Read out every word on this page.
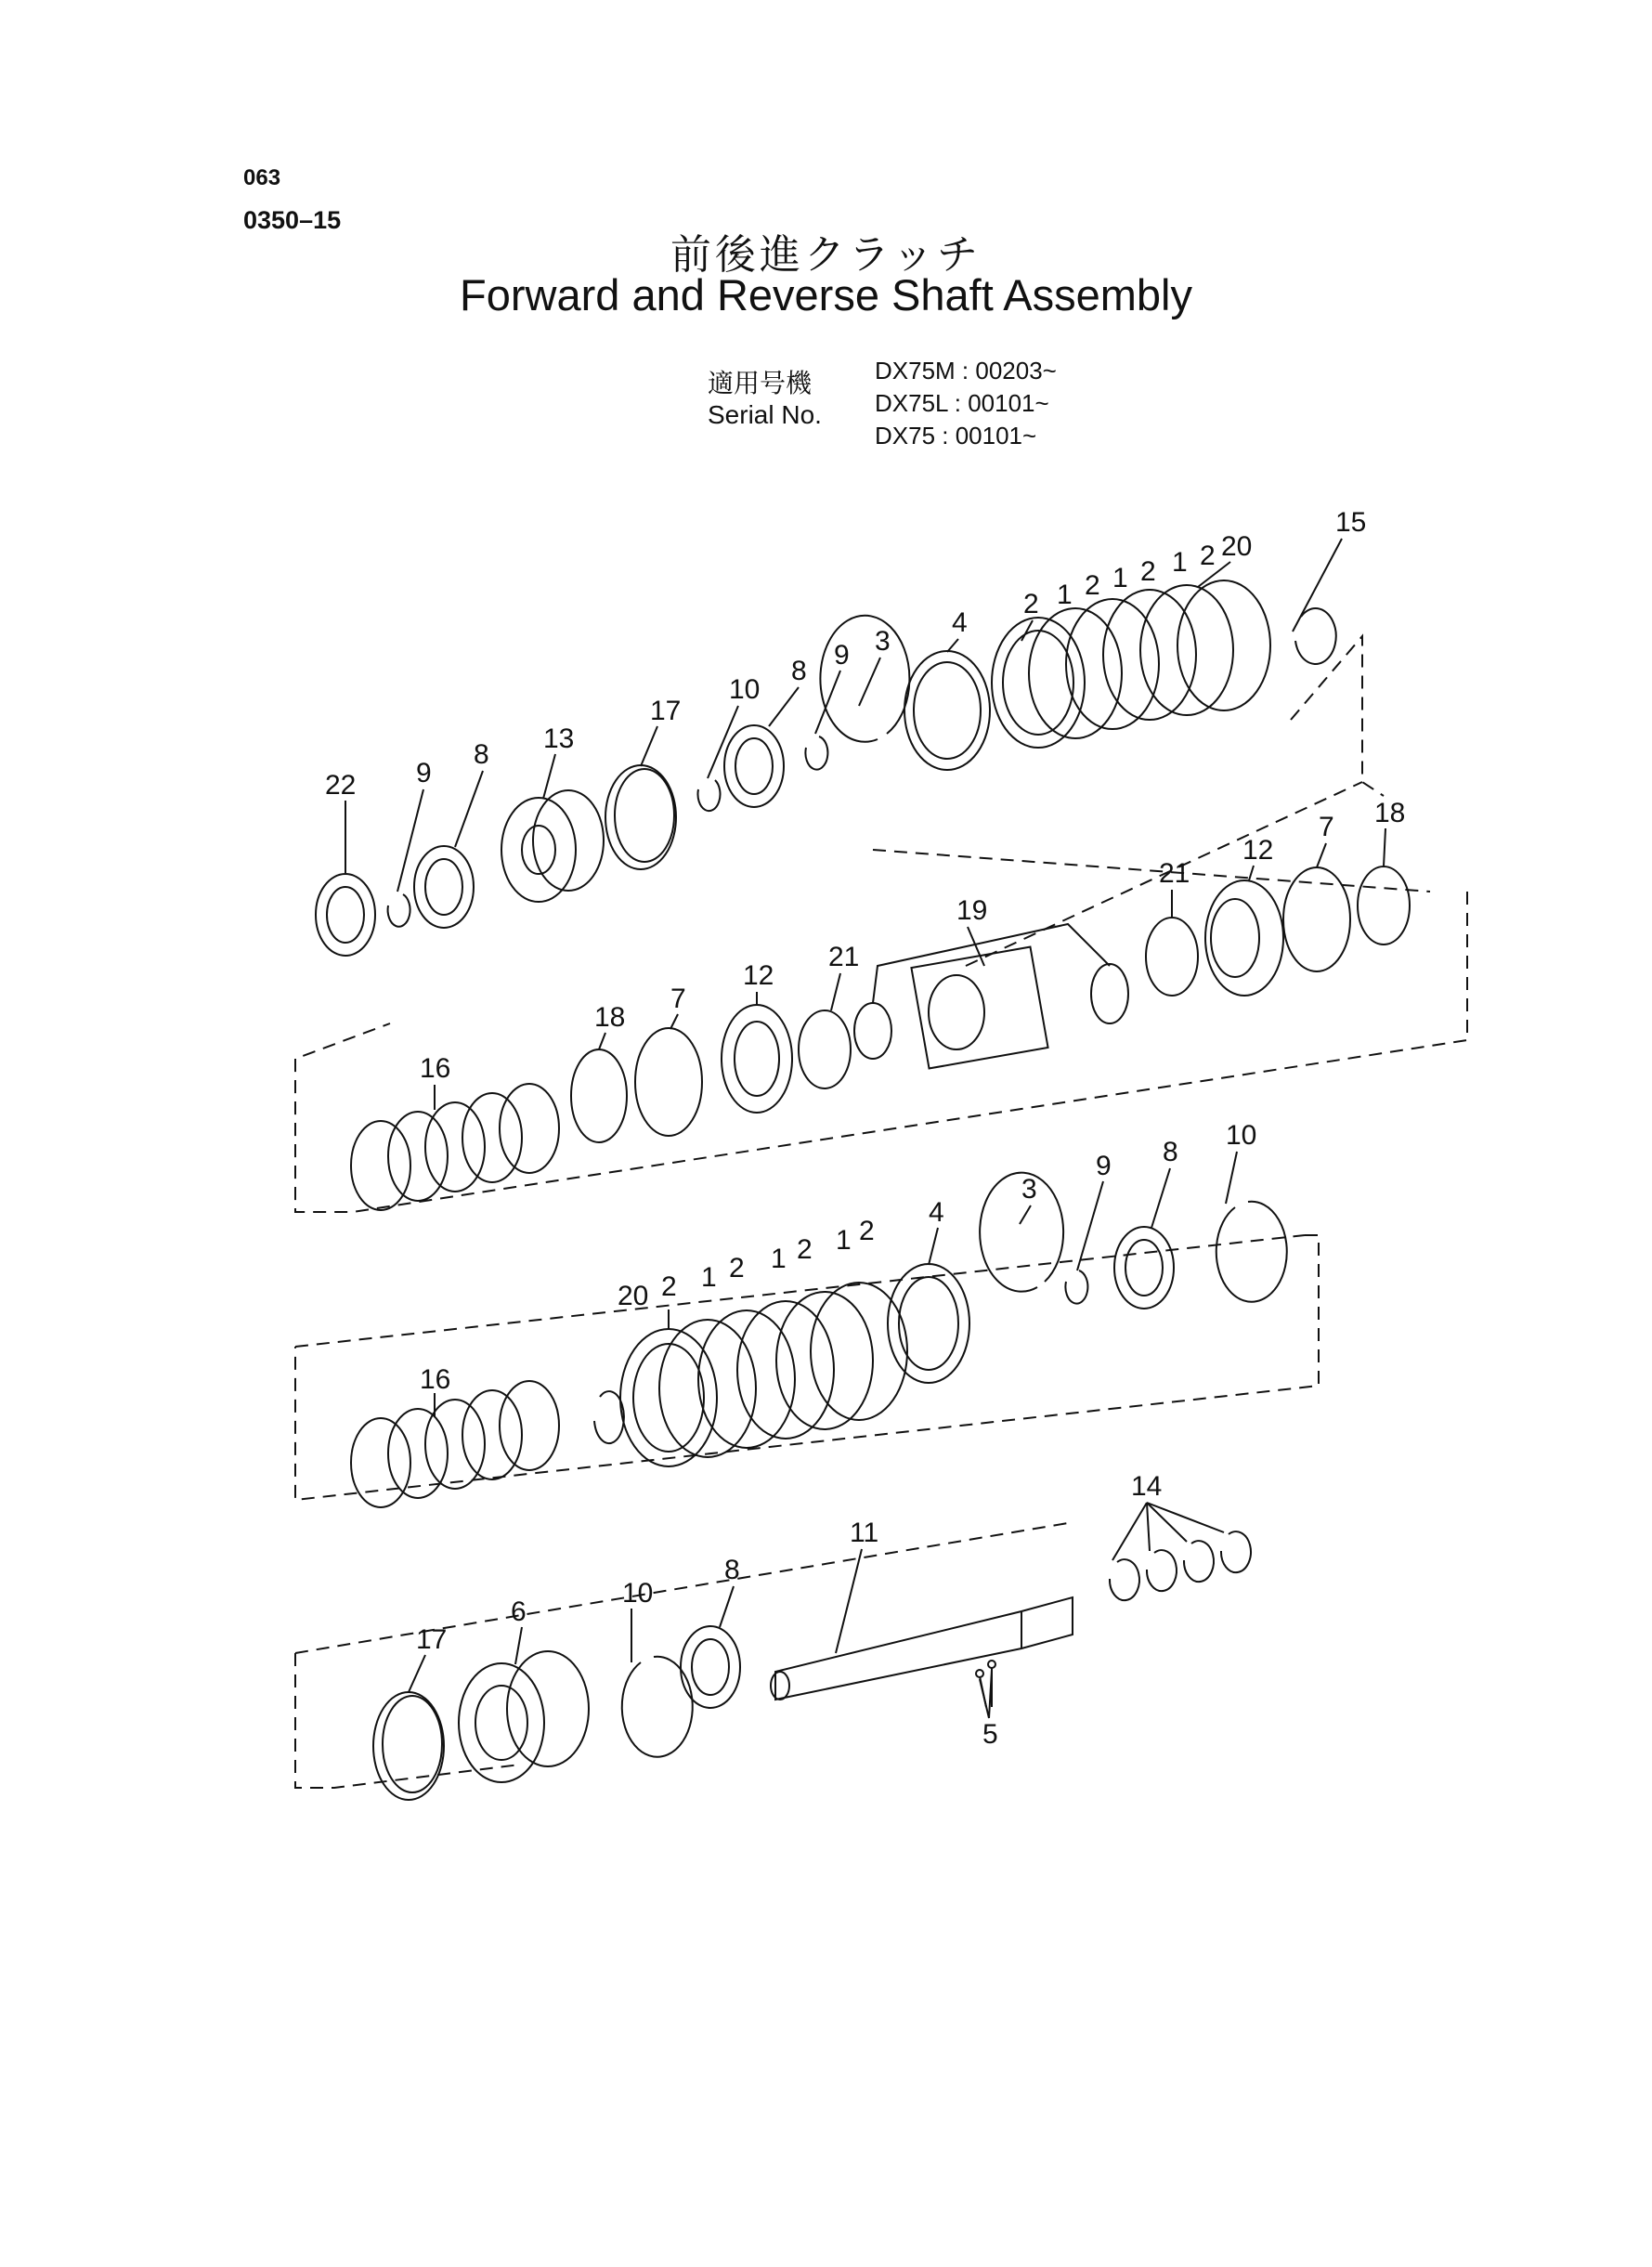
063
0350–15
前後進クラッチ
Forward and Reverse Shaft Assembly
適用号機
Serial No.
DX75M : 00203~
DX75L : 00101~
DX75 : 00101~
22 9
8
13
17
10
8
9 3
4
2 1 2 1 2 1 2 20
15
16
18
7
12
21
19
21
12
7 18
16
20 2 1 2 1 2 1 2
4
3
9 8
10
17
6
10
8
11
5
14
